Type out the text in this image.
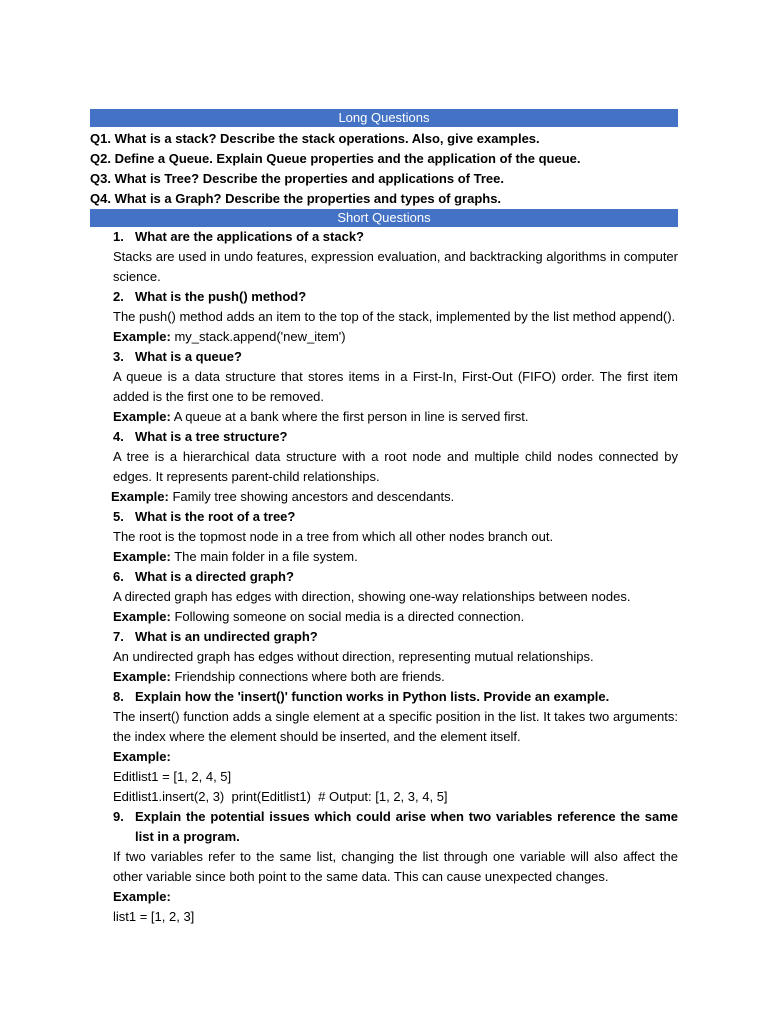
Long Questions
Q1. What is a stack? Describe the stack operations. Also, give examples.
Q2. Define a Queue. Explain Queue properties and the application of the queue.
Q3. What is Tree? Describe the properties and applications of Tree.
Q4. What is a Graph? Describe the properties and types of graphs.
Short Questions
1. What are the applications of a stack?
Stacks are used in undo features, expression evaluation, and backtracking algorithms in computer science.
2. What is the push() method?
The push() method adds an item to the top of the stack, implemented by the list method append().
Example: my_stack.append('new_item')
3. What is a queue?
A queue is a data structure that stores items in a First-In, First-Out (FIFO) order. The first item added is the first one to be removed.
Example: A queue at a bank where the first person in line is served first.
4. What is a tree structure?
A tree is a hierarchical data structure with a root node and multiple child nodes connected by edges. It represents parent-child relationships.
Example: Family tree showing ancestors and descendants.
5. What is the root of a tree?
The root is the topmost node in a tree from which all other nodes branch out.
Example: The main folder in a file system.
6. What is a directed graph?
A directed graph has edges with direction, showing one-way relationships between nodes.
Example: Following someone on social media is a directed connection.
7. What is an undirected graph?
An undirected graph has edges without direction, representing mutual relationships.
Example: Friendship connections where both are friends.
8. Explain how the 'insert()' function works in Python lists. Provide an example.
The insert() function adds a single element at a specific position in the list. It takes two arguments: the index where the element should be inserted, and the element itself.
Example:
Editlist1 = [1, 2, 4, 5]
Editlist1.insert(2, 3)  print(Editlist1)  # Output: [1, 2, 3, 4, 5]
9. Explain the potential issues which could arise when two variables reference the same list in a program.
If two variables refer to the same list, changing the list through one variable will also affect the other variable since both point to the same data. This can cause unexpected changes.
Example:
list1 = [1, 2, 3]
